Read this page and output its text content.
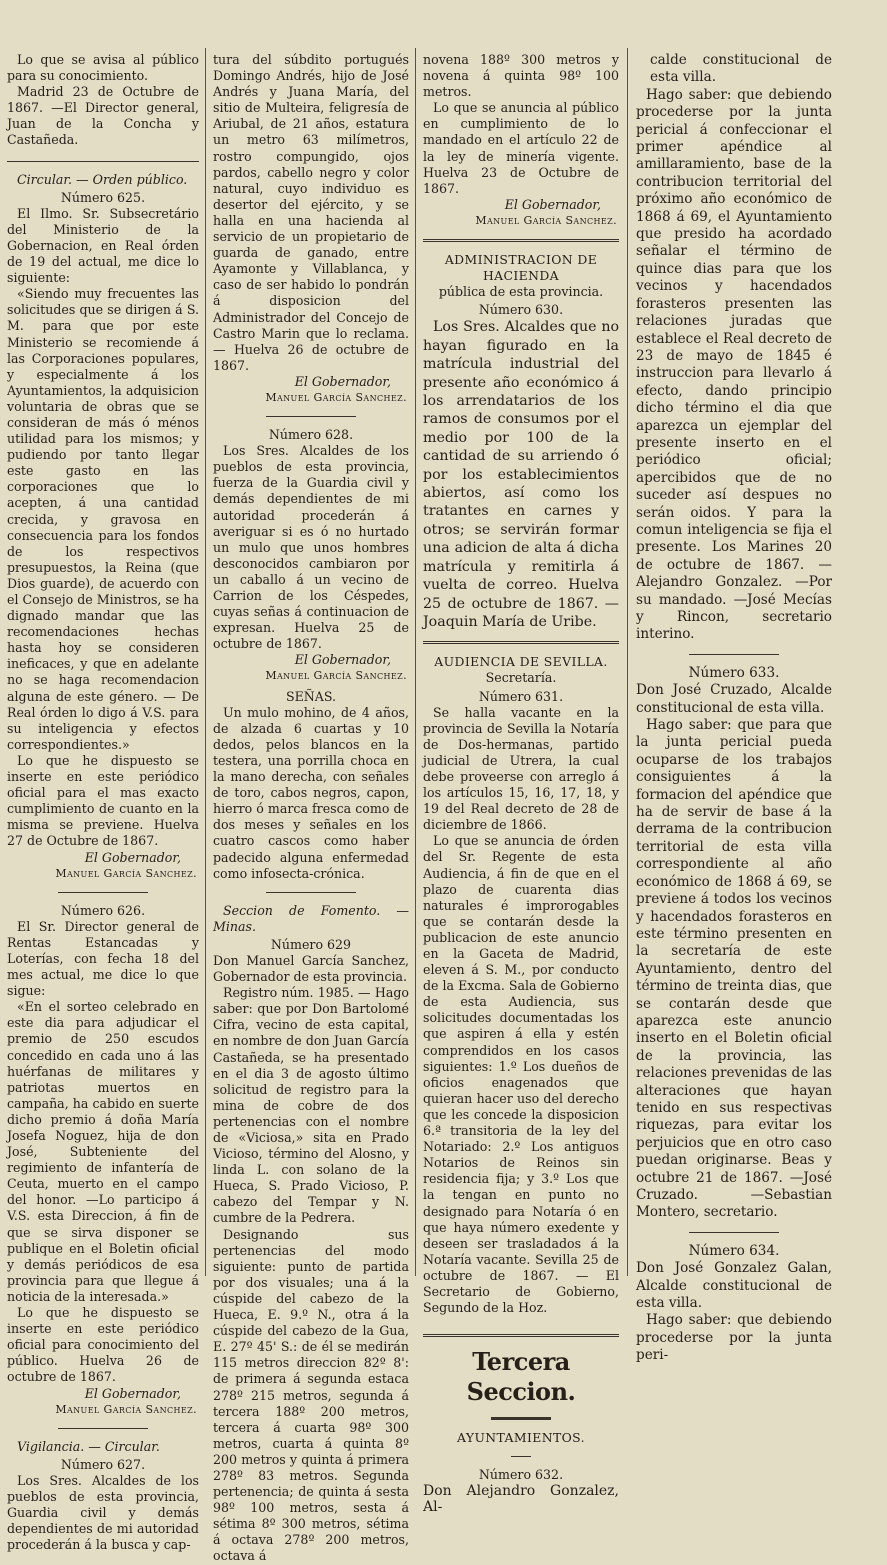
Lo que se avisa al público para su conocimiento.

Madrid 23 de Octubre de 1867. —El Director general, Juan de la Concha y Castañeda.

Circular. — Orden público.

Número 625.

El Ilmo. Sr. Subsecretário del Ministerio de la Gobernacion, en Real órden de 19 del actual, me dice lo siguiente:

«Siendo muy frecuentes las solicitudes que se dirigen á S. M. para que por este Ministerio se recomiende á las Corporaciones populares, y especialmente á los Ayuntamientos, la adquisicion voluntaria de obras que se consideran de más ó ménos utilidad para los mismos; y pudiendo por tanto llegar este gasto en las corporaciones que lo acepten, á una cantidad crecida, y gravosa en consecuencia para los fondos de los respectivos presupuestos, la Reina (que Dios guarde), de acuerdo con el Consejo de Ministros, se ha dignado mandar que las recomendaciones hechas hasta hoy se consideren ineficaces, y que en adelante no se haga recomendacion alguna de este género. — De Real órden lo digo á V.S. para su inteligencia y efectos correspondientes.»

Lo que he dispuesto se inserte en este periódico oficial para el mas exacto cumplimiento de cuanto en la misma se previene. Huelva 27 de Octubre de 1867.

El Gobernador,

Manuel García Sanchez.

Número 626.

El Sr. Director general de Rentas Estancadas y Loterías, con fecha 18 del mes actual, me dice lo que sigue:

«En el sorteo celebrado en este dia para adjudicar el premio de 250 escudos concedido en cada uno á las huérfanas de militares y patriotas muertos en campaña, ha cabido en suerte dicho premio á doña María Josefa Noguez, hija de don José, Subteniente del regimiento de infantería de Ceuta, muerto en el campo del honor. —Lo participo á V.S. esta Direccion, á fin de que se sirva disponer se publique en el Boletin oficial y demás periódicos de esa provincia para que llegue á noticia de la interesada.»

Lo que he dispuesto se inserte en este periódico oficial para conocimiento del público. Huelva 26 de octubre de 1867.

El Gobernador,

Manuel García Sanchez.

Vigilancia. — Circular.

Número 627.

Los Sres. Alcaldes de los pueblos de esta provincia, Guardia civil y demás dependientes de mi autoridad procederán á la busca y cap-

tura del súbdito portugués Domingo Andrés, hijo de José Andrés y Juana María, del sitio de Multeira, feligresía de Ariubal, de 21 años, estatura un metro 63 milímetros, rostro compungido, ojos pardos, cabello negro y color natural, cuyo individuo es desertor del ejército, y se halla en una hacienda al servicio de un propietario de guarda de ganado, entre Ayamonte y Villablanca, y caso de ser habido lo pondrán á disposicion del Administrador del Concejo de Castro Marin que lo reclama. — Huelva 26 de octubre de 1867.

El Gobernador,

Manuel García Sanchez.

Número 628.

Los Sres. Alcaldes de los pueblos de esta provincia, fuerza de la Guardia civil y demás dependientes de mi autoridad procederán á averiguar si es ó no hurtado un mulo que unos hombres desconocidos cambiaron por un caballo á un vecino de Carrion de los Céspedes, cuyas señas á continuacion de expresan. Huelva 25 de octubre de 1867.

El Gobernador,

Manuel García Sanchez.

SEÑAS.

Un mulo mohino, de 4 años, de alzada 6 cuartas y 10 dedos, pelos blancos en la testera, una porrilla choca en la mano derecha, con señales de toro, cabos negros, capon, hierro ó marca fresca como de dos meses y señales en los cuatro cascos como haber padecido alguna enfermedad como infosecta-crónica.

Seccion de Fomento. — Minas.

Número 629

Don Manuel García Sanchez, Gobernador de esta provincia.

Registro núm. 1985. — Hago saber: que por Don Bartolomé Cifra, vecino de esta capital, en nombre de don Juan García Castañeda, se ha presentado en el dia 3 de agosto último solicitud de registro para la mina de cobre de dos pertenencias con el nombre de «Viciosa,» sita en Prado Vicioso, término del Alosno, y linda L. con solano de la Hueca, S. Prado Vicioso, P. cabezo del Tempar y N. cumbre de la Pedrera.

Designando sus pertenencias del modo siguiente: punto de partida por dos visuales; una á la cúspide del cabezo de la Hueca, E. 9.º N., otra á la cúspide del cabezo de la Gua, E. 27º 45' S.: de él se medirán 115 metros direccion 82º 8': de primera á segunda estaca 278º 215 metros, segunda á tercera 188º 200 metros, tercera á cuarta 98º 300 metros, cuarta á quinta 8º 200 metros y quinta á primera 278º 83 metros. Segunda pertenencia; de quinta á sesta 98º 100 metros, sesta á sétima 8º 300 metros, sétima á octava 278º 200 metros, octava á

novena 188º 300 metros y novena á quinta 98º 100 metros.

Lo que se anuncia al público en cumplimiento de lo mandado en el artículo 22 de la ley de minería vigente. Huelva 23 de Octubre de 1867.

El Gobernador,

Manuel García Sanchez.

ADMINISTRACION DE HACIENDA

pública de esta provincia.

Número 630.

Los Sres. Alcaldes que no hayan figurado en la matrícula industrial del presente año económico á los arrendatarios de los ramos de consumos por el medio por 100 de la cantidad de su arriendo ó por los establecimientos abiertos, así como los tratantes en carnes y otros; se servirán formar una adicion de alta á dicha matrícula y remitirla á vuelta de correo. Huelva 25 de octubre de 1867. —Joaquin María de Uribe.

AUDIENCIA DE SEVILLA.

Secretaría.

Número 631.

Se halla vacante en la provincia de Sevilla la Notaría de Dos-hermanas, partido judicial de Utrera, la cual debe proveerse con arreglo á los artículos 15, 16, 17, 18, y 19 del Real decreto de 28 de diciembre de 1866.

Lo que se anuncia de órden del Sr. Regente de esta Audiencia, á fin de que en el plazo de cuarenta dias naturales é improrogables que se contarán desde la publicacion de este anuncio en la Gaceta de Madrid, eleven á S. M., por conducto de la Excma. Sala de Gobierno de esta Audiencia, sus solicitudes documentadas los que aspiren á ella y estén comprendidos en los casos siguientes: 1.º Los dueños de oficios enagenados que quieran hacer uso del derecho que les concede la disposicion 6.ª transitoria de la ley del Notariado: 2.º Los antiguos Notarios de Reinos sin residencia fija; y 3.º Los que la tengan en punto no designado para Notaría ó en que haya número exedente y deseen ser trasladados á la Notaría vacante. Sevilla 25 de octubre de 1867. — El Secretario de Gobierno, Segundo de la Hoz.

Tercera Seccion.

AYUNTAMIENTOS.

Número 632.

Don Alejandro Gonzalez, Al-

calde constitucional de esta villa.

Hago saber: que debiendo procederse por la junta pericial á confeccionar el primer apéndice al amillaramiento, base de la contribucion territorial del próximo año económico de 1868 á 69, el Ayuntamiento que presido ha acordado señalar el término de quince dias para que los vecinos y hacendados forasteros presenten las relaciones juradas que establece el Real decreto de 23 de mayo de 1845 é instruccion para llevarlo á efecto, dando principio dicho término el dia que aparezca un ejemplar del presente inserto en el periódico oficial; apercibidos que de no suceder así despues no serán oidos. Y para la comun inteligencia se fija el presente. Los Marines 20 de octubre de 1867. —Alejandro Gonzalez. —Por su mandado. —José Mecías y Rincon, secretario interino.

Número 633.

Don José Cruzado, Alcalde constitucional de esta villa.

Hago saber: que para que la junta pericial pueda ocuparse de los trabajos consiguientes á la formacion del apéndice que ha de servir de base á la derrama de la contribucion territorial de esta villa correspondiente al año económico de 1868 á 69, se previene á todos los vecinos y hacendados forasteros en este término presenten en la secretaría de este Ayuntamiento, dentro del término de treinta dias, que se contarán desde que aparezca este anuncio inserto en el Boletin oficial de la provincia, las relaciones prevenidas de las alteraciones que hayan tenido en sus respectivas riquezas, para evitar los perjuicios que en otro caso puedan originarse. Beas y octubre 21 de 1867. —José Cruzado. —Sebastian Montero, secretario.

Número 634.

Don José Gonzalez Galan, Alcalde constitucional de esta villa.

Hago saber: que debiendo procederse por la junta peri-
